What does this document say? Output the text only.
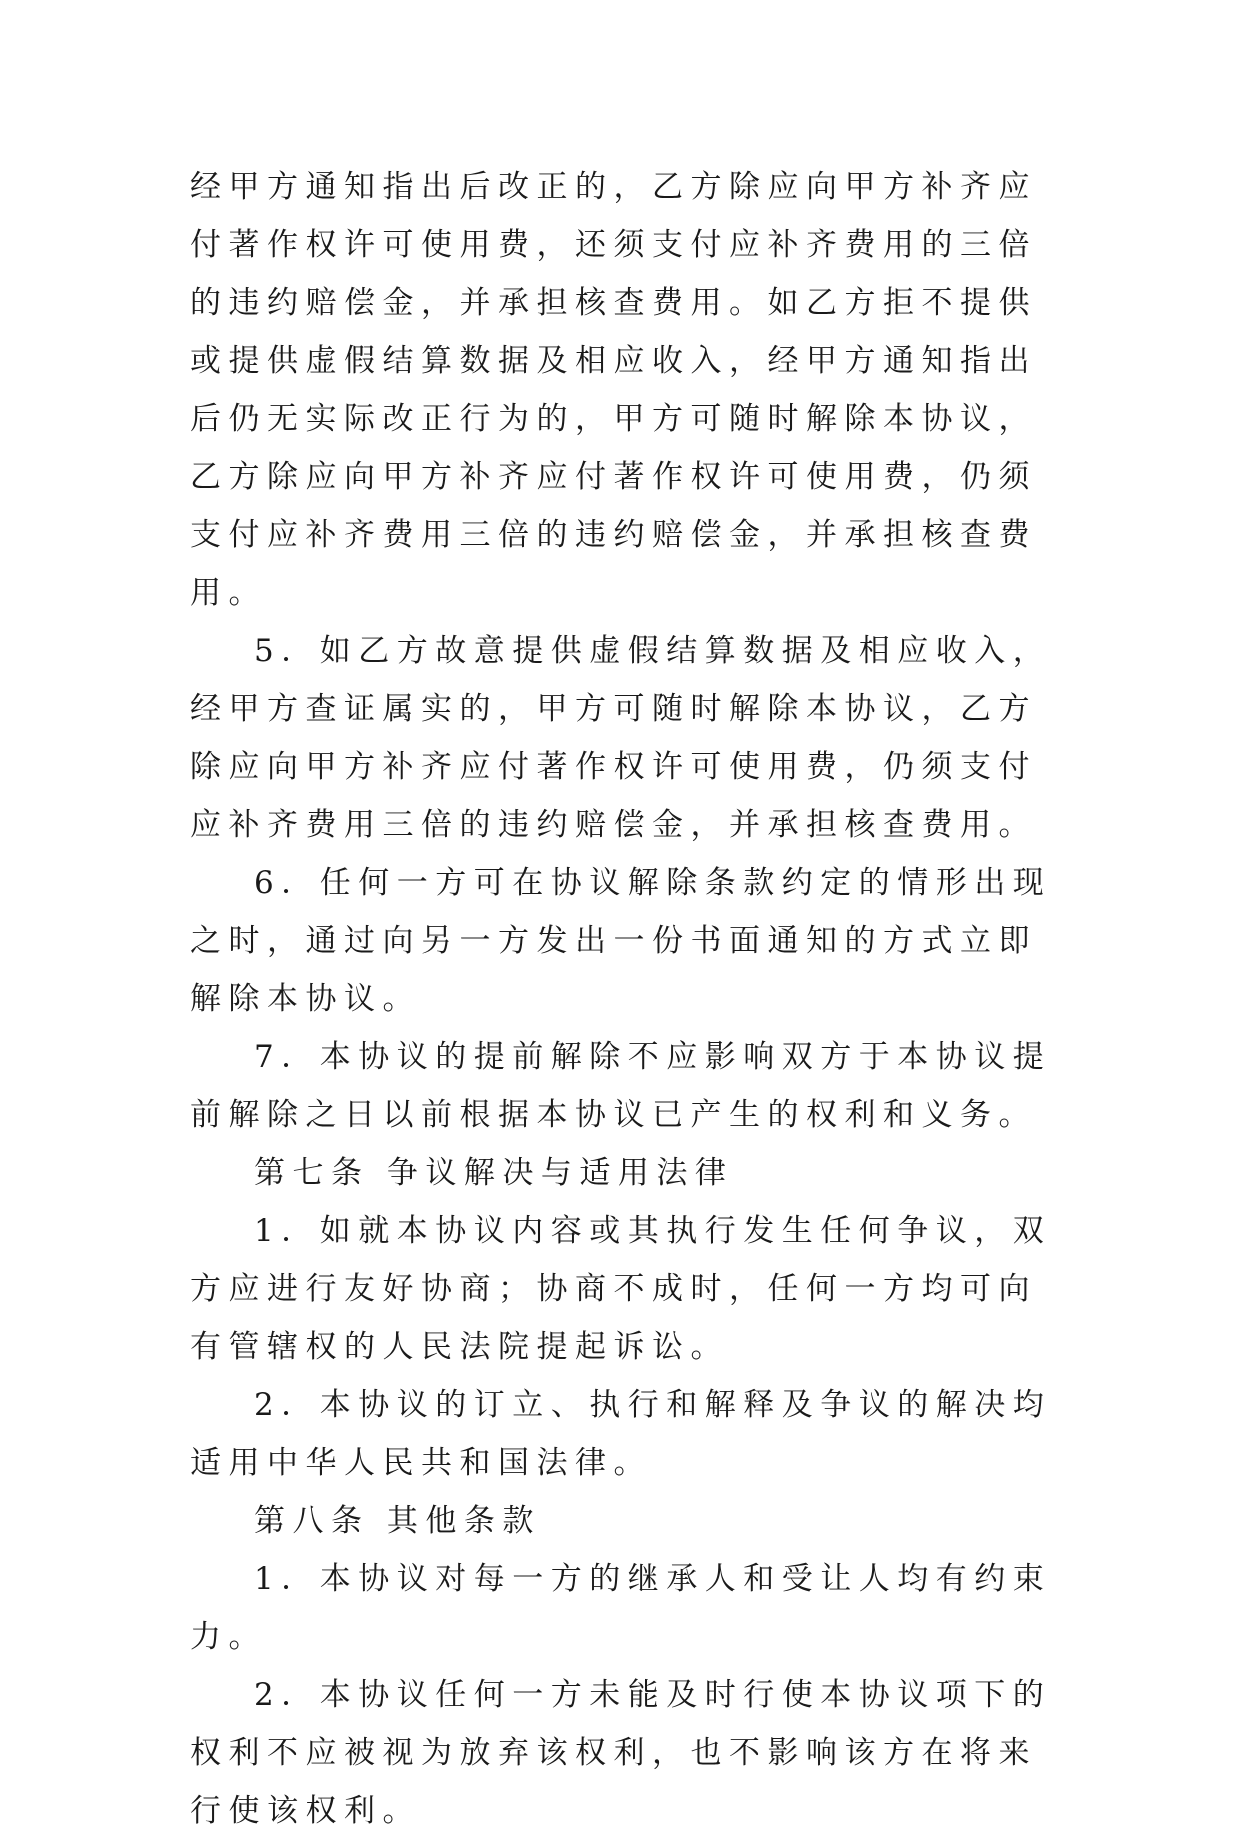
经甲方通知指出后改正的，乙方除应向甲方补齐应付著作权许可使用费，还须支付应补齐费用的三倍的违约赔偿金，并承担核查费用。如乙方拒不提供或提供虚假结算数据及相应收入，经甲方通知指出后仍无实际改正行为的，甲方可随时解除本协议，乙方除应向甲方补齐应付著作权许可使用费，仍须支付应补齐费用三倍的违约赔偿金，并承担核查费用。

5．如乙方故意提供虚假结算数据及相应收入，经甲方查证属实的，甲方可随时解除本协议，乙方除应向甲方补齐应付著作权许可使用费，仍须支付应补齐费用三倍的违约赔偿金，并承担核查费用。

6．任何一方可在协议解除条款约定的情形出现之时，通过向另一方发出一份书面通知的方式立即解除本协议。

7．本协议的提前解除不应影响双方于本协议提前解除之日以前根据本协议已产生的权利和义务。

第七条 争议解决与适用法律

1．如就本协议内容或其执行发生任何争议，双方应进行友好协商；协商不成时，任何一方均可向有管辖权的人民法院提起诉讼。

2．本协议的订立、执行和解释及争议的解决均适用中华人民共和国法律。

第八条 其他条款

1．本协议对每一方的继承人和受让人均有约束力。

2．本协议任何一方未能及时行使本协议项下的权利不应被视为放弃该权利，也不影响该方在将来行使该权利。
